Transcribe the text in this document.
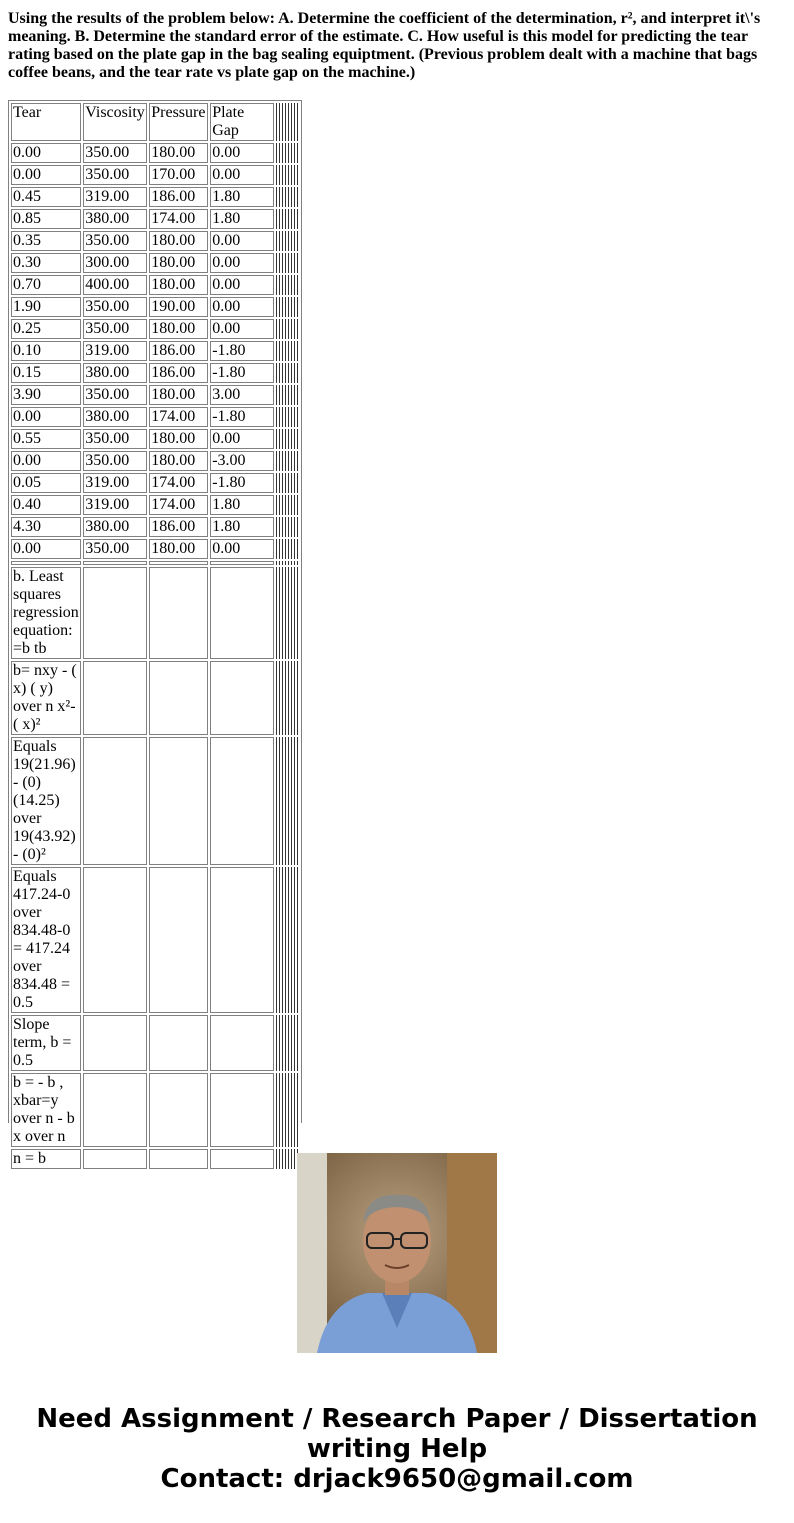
Using the results of the problem below: A. Determine the coefficient of the determination, r², and interpret it\'s meaning. B. Determine the standard error of the estimate. C. How useful is this model for predicting the tear rating based on the plate gap in the bag sealing equiptment. (Previous problem dealt with a machine that bags coffee beans, and the tear rate vs plate gap on the machine.)

Tear	Viscosity	Pressure	Plate Gap	
0.00	350.00	180.00	0.00	
0.00	350.00	170.00	0.00	
0.45	319.00	186.00	1.80	
0.85	380.00	174.00	1.80	
0.35	350.00	180.00	0.00	
0.30	300.00	180.00	0.00	
0.70	400.00	180.00	0.00	
1.90	350.00	190.00	0.00	
0.25	350.00	180.00	0.00	
0.10	319.00	186.00	-1.80	
0.15	380.00	186.00	-1.80	
3.90	350.00	180.00	3.00	
0.00	380.00	174.00	-1.80	
0.55	350.00	180.00	0.00	
0.00	350.00	180.00	-3.00	
0.05	319.00	174.00	-1.80	
0.40	319.00	174.00	1.80	
4.30	380.00	186.00	1.80	
0.00	350.00	180.00	0.00	

b. Least squares regression equation: =b tb				
b= nxy - ( x) ( y) over n x²- ( x)²				
Equals 19(21.96)- (0)(14.25) over 19(43.92)- (0)²				
Equals 417.24-0 over 834.48-0 = 417.24 over 834.48 = 0.5				
Slope term, b = 0.5				
b = - b , xbar=y over n - b x over n				
n = b				
Need Assignment / Research Paper / Dissertation
writing Help
Contact: drjack9650@gmail.com
